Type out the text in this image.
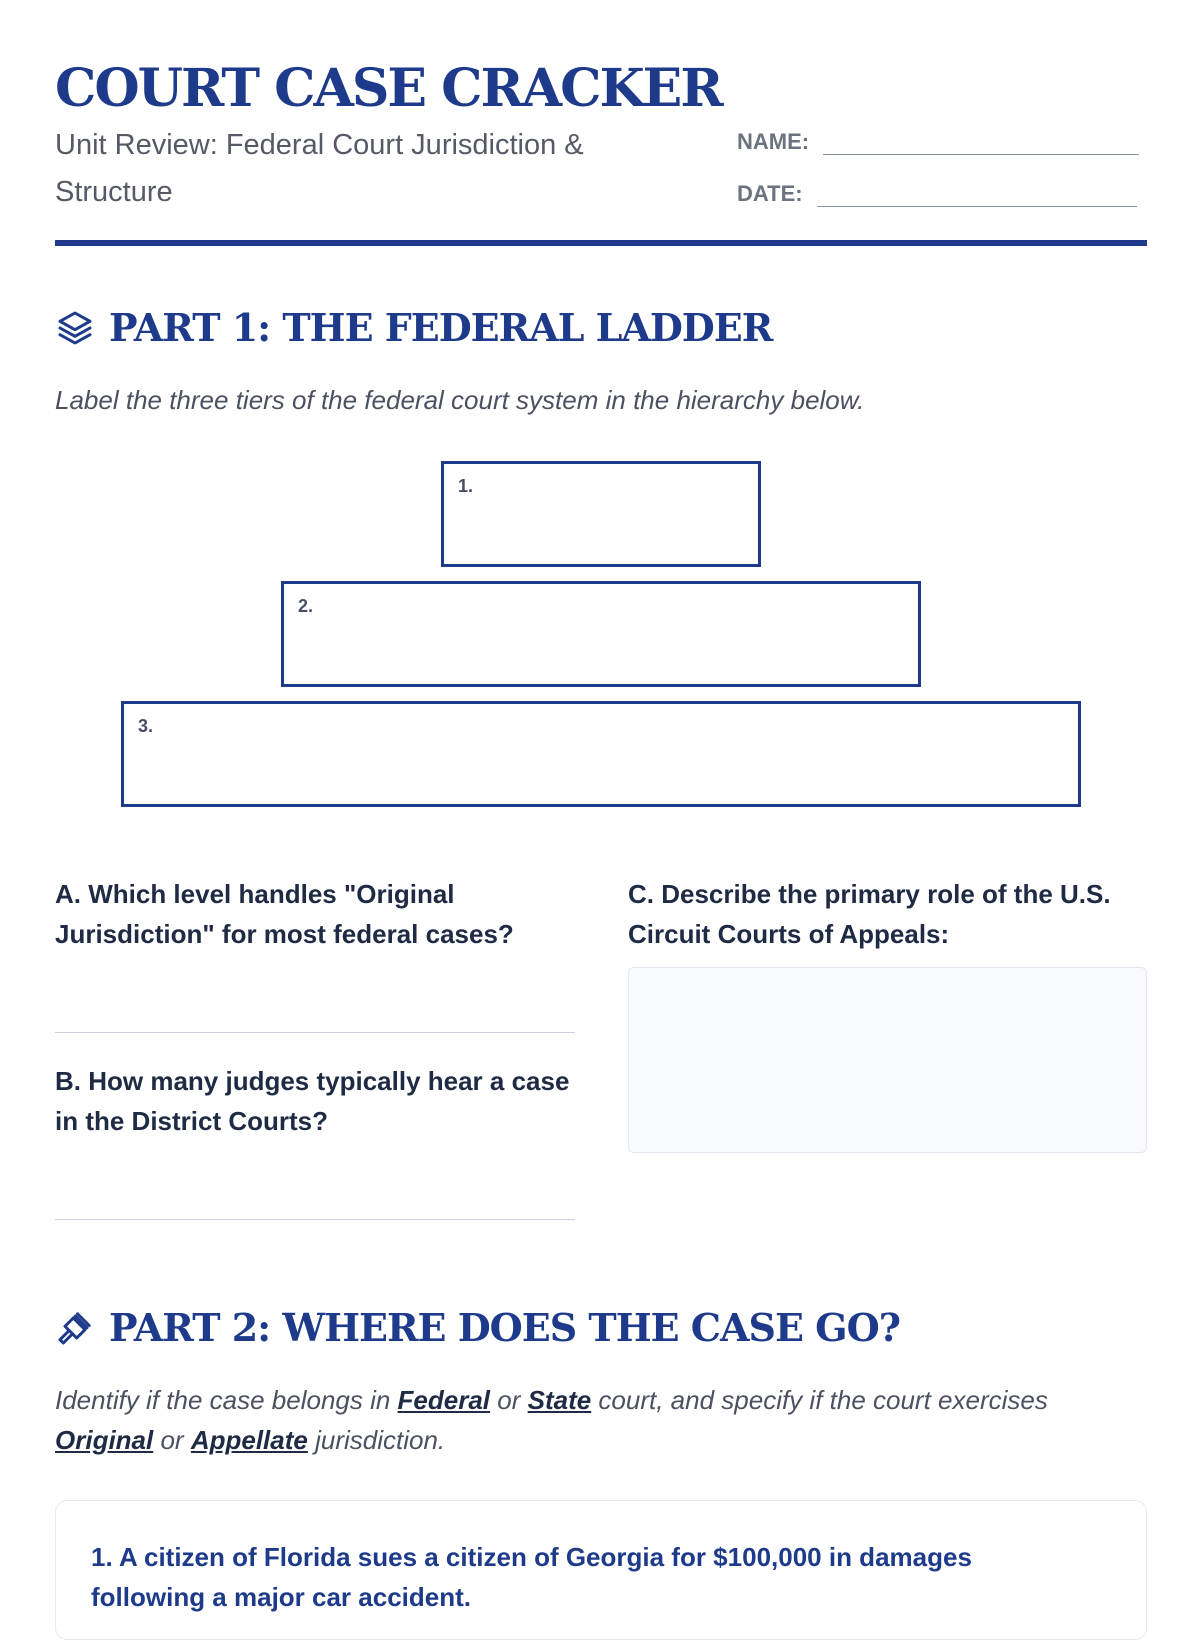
COURT CASE CRACKER

Unit Review: Federal Court Jurisdiction & Structure

NAME:
DATE:
PART 1: THE FEDERAL LADDER

Label the three tiers of the federal court system in the hierarchy below.

1.
2.
3.

A. Which level handles "Original Jurisdiction" for most federal cases?

B. How many judges typically hear a case in the District Courts?

C. Describe the primary role of the U.S. Circuit Courts of Appeals:

PART 2: WHERE DOES THE CASE GO?

Identify if the case belongs in Federal or State court, and specify if the court exercises Original or Appellate jurisdiction.

1. A citizen of Florida sues a citizen of Georgia for $100,000 in damages following a major car accident.
